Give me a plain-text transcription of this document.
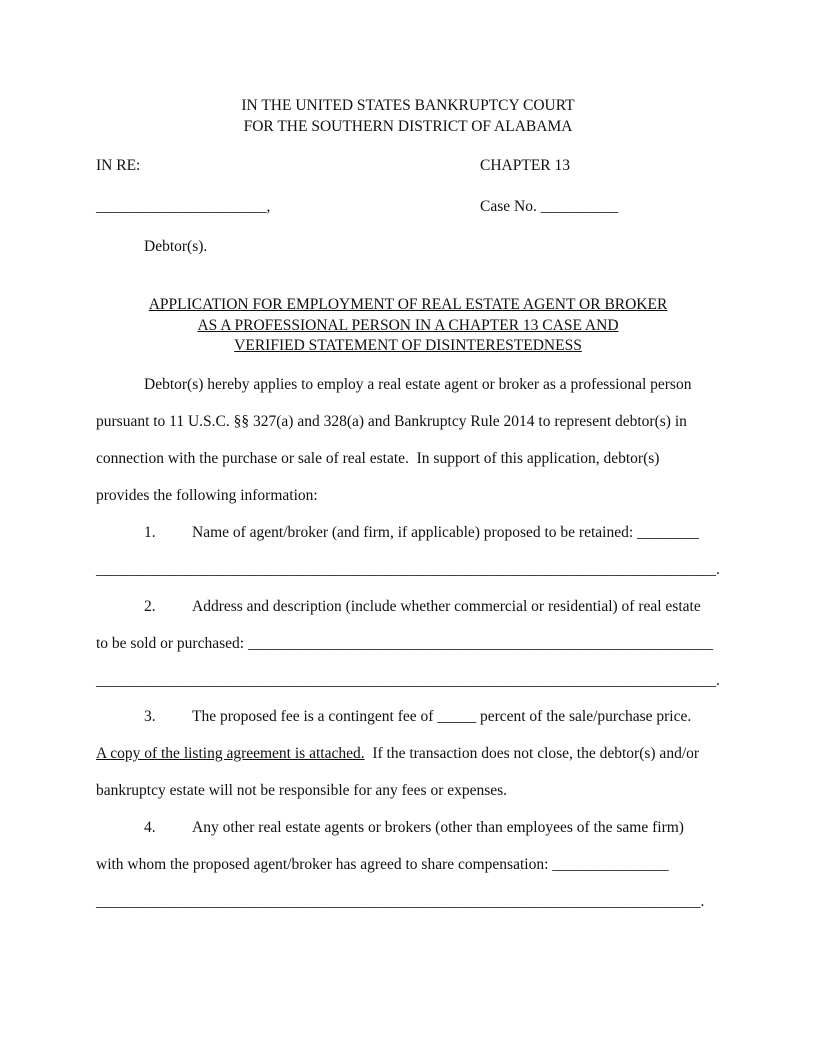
IN THE UNITED STATES BANKRUPTCY COURT
FOR THE SOUTHERN DISTRICT OF ALABAMA
IN RE:	CHAPTER 13
______________________,	Case No. __________
Debtor(s).
APPLICATION FOR EMPLOYMENT OF REAL ESTATE AGENT OR BROKER
AS A PROFESSIONAL PERSON IN A CHAPTER 13 CASE AND
VERIFIED STATEMENT OF DISINTERESTEDNESS
Debtor(s) hereby applies to employ a real estate agent or broker as a professional person
pursuant to 11 U.S.C. §§ 327(a) and 328(a) and Bankruptcy Rule 2014 to represent debtor(s) in
connection with the purchase or sale of real estate.  In support of this application, debtor(s)
provides the following information:
1. Name of agent/broker (and firm, if applicable) proposed to be retained: ________
________________________________________________________________________________.
2. Address and description (include whether commercial or residential) of real estate
to be sold or purchased: ____________________________________________________________
________________________________________________________________________________.
3. The proposed fee is a contingent fee of _____ percent of the sale/purchase price.
A copy of the listing agreement is attached.  If the transaction does not close, the debtor(s) and/or
bankruptcy estate will not be responsible for any fees or expenses.
4. Any other real estate agents or brokers (other than employees of the same firm)
with whom the proposed agent/broker has agreed to share compensation: _______________
______________________________________________________________________________.
